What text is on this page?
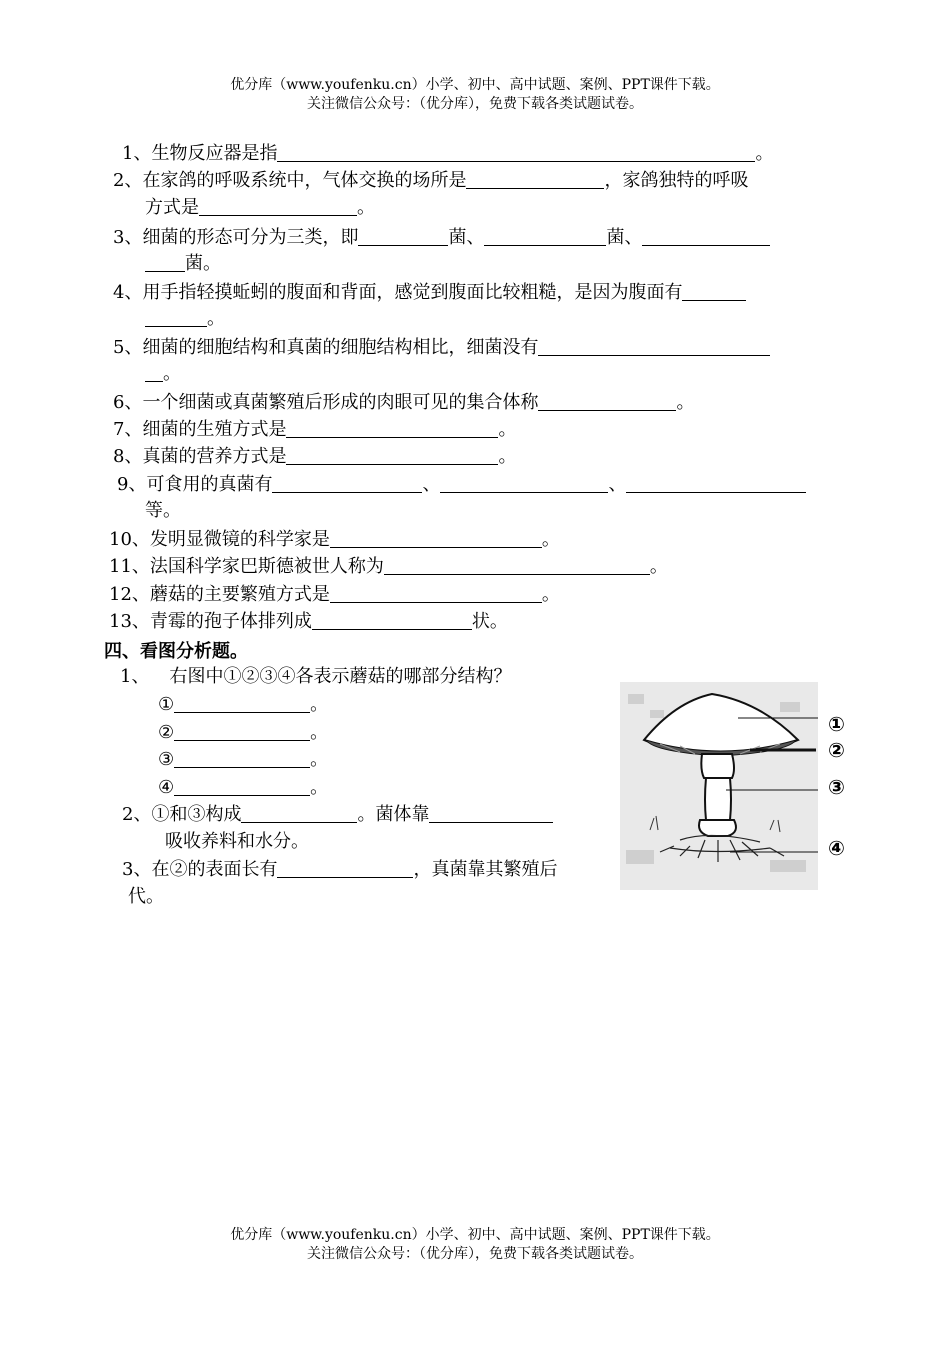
优分库（www.youfenku.cn）小学、初中、高中试题、案例、PPT课件下载。
关注微信公众号：（优分库），免费下载各类试题试卷。
1、生物反应器是指	。
2、在家鸽的呼吸系统中，气体交换的场所是	，家鸽独特的呼吸
方式是	。
3、细菌的形态可分为三类，即	菌、	菌、
菌。
4、用手指轻摸蚯蚓的腹面和背面，感觉到腹面比较粗糙，是因为腹面有
。
5、细菌的细胞结构和真菌的细胞结构相比，细菌没有
。
6、一个细菌或真菌繁殖后形成的肉眼可见的集合体称	。
7、细菌的生殖方式是	。
8、真菌的营养方式是	。
9、可食用的真菌有	、	、
等。
10、发明显微镜的科学家是	。
11、法国科学家巴斯德被世人称为	。
12、蘑菇的主要繁殖方式是	。
13、青霉的孢子体排列成	状。
四、看图分析题。
1、 右图中①②③④各表示蘑菇的哪部分结构？
①	。
②	。
③	。
④	。
2、①和③构成	。菌体靠
吸收养料和水分。
3、在②的表面长有	，真菌靠其繁殖后
代。
①
②
③
④
优分库（www.youfenku.cn）小学、初中、高中试题、案例、PPT课件下载。
关注微信公众号：（优分库），免费下载各类试题试卷。
